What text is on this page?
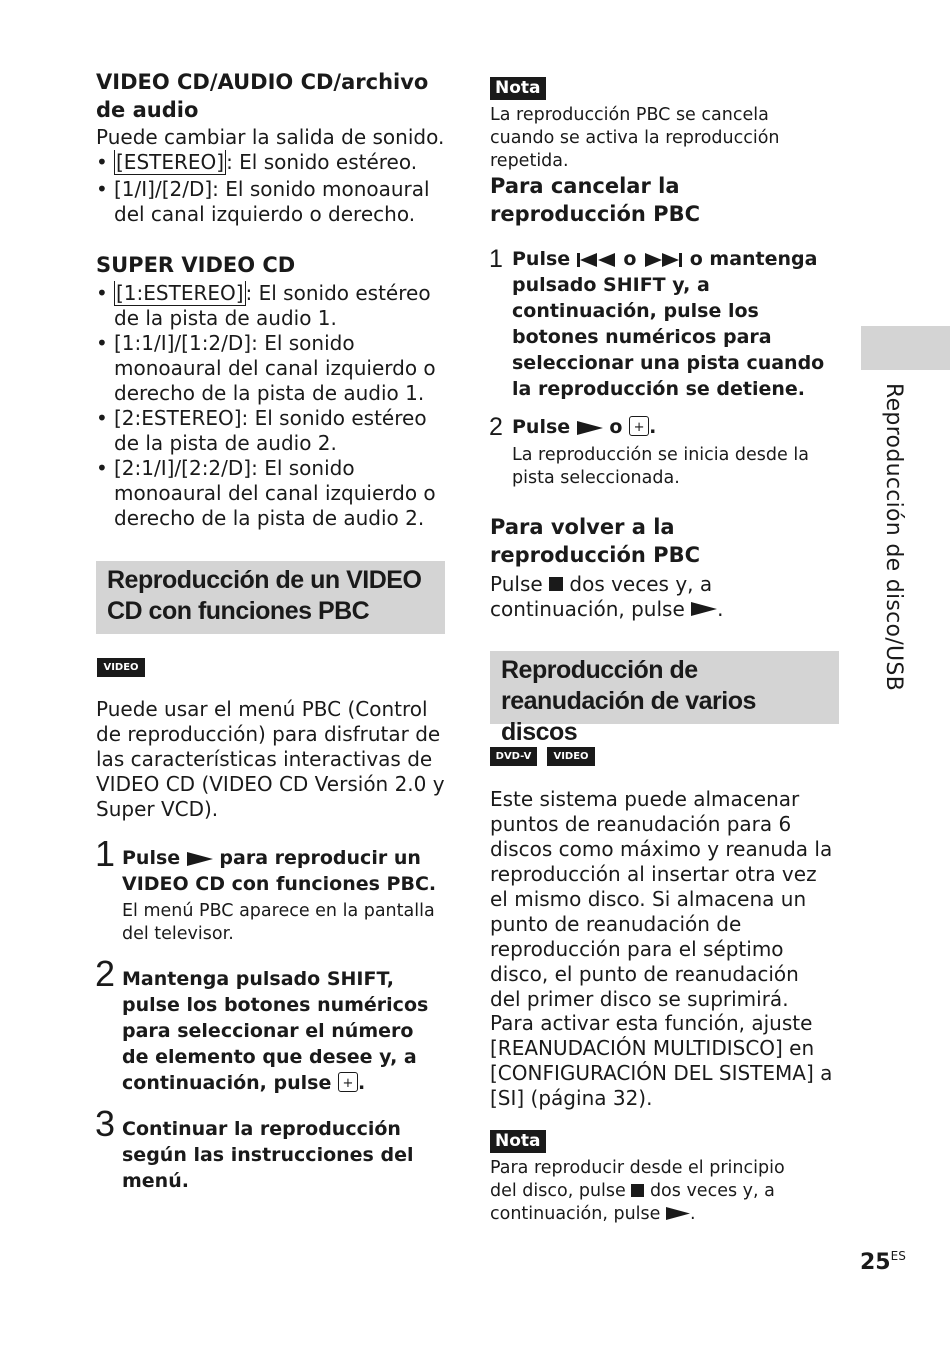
VIDEO CD/AUDIO CD/archivo de audio

Puede cambiar la salida de sonido.

• [ESTEREO] : El sonido estéreo.
• [1/I]/[2/D]: El sonido monoaural del canal izquierdo o derecho.
SUPER VIDEO CD
• [1:ESTEREO] : El sonido estéreo de la pista de audio 1.
• [1:1/I]/[1:2/D]: El sonido monoaural del canal izquierdo o derecho de la pista de audio 1.
• [2:ESTEREO]: El sonido estéreo de la pista de audio 2.
• [2:1/I]/[2:2/D]: El sonido monoaural del canal izquierdo o derecho de la pista de audio 2.
Reproducción de un VIDEO CD con funciones PBC
VIDEO CD

Puede usar el menú PBC (Control de reproducción) para disfrutar de las características interactivas de VIDEO CD (VIDEO CD Versión 2.0 y Super VCD).

1 Pulse para reproducir un VIDEO CD con funciones PBC.

El menú PBC aparece en la pantalla del televisor.

2 Mantenga pulsado SHIFT, pulse los botones numéricos para seleccionar el número de elemento que desee y, a continuación, pulse + .

3 Continuar la reproducción según las instrucciones del menú.

Nota

La reproducción PBC se cancela cuando se activa la reproducción repetida.

Para cancelar la reproducción PBC
1 Pulse	o	o mantenga pulsado SHIFT y, a continuación, pulse los botones numéricos para seleccionar una pista cuando la reproducción se detiene.

2 Pulse o + .

La reproducción se inicia desde la pista seleccionada.

Para volver a la reproducción PBC

Pulse dos veces y, a continuación, pulse .

Reproducción de reanudación de varios discos
DVD-V	VIDEO CD

Este sistema puede almacenar puntos de reanudación para 6 discos como máximo y reanuda la reproducción al insertar otra vez el mismo disco. Si almacena un punto de reanudación de reproducción para el séptimo disco, el punto de reanudación del primer disco se suprimirá.

Para activar esta función, ajuste [REANUDACIÓN MULTIDISCO] en [CONFIGURACIÓN DEL SISTEMA] a [SI] (página 32).

Nota

Para reproducir desde el principio del disco, pulse dos veces y, a continuación, pulse .

Reproducción de disco/USB
$25^{ES}$
